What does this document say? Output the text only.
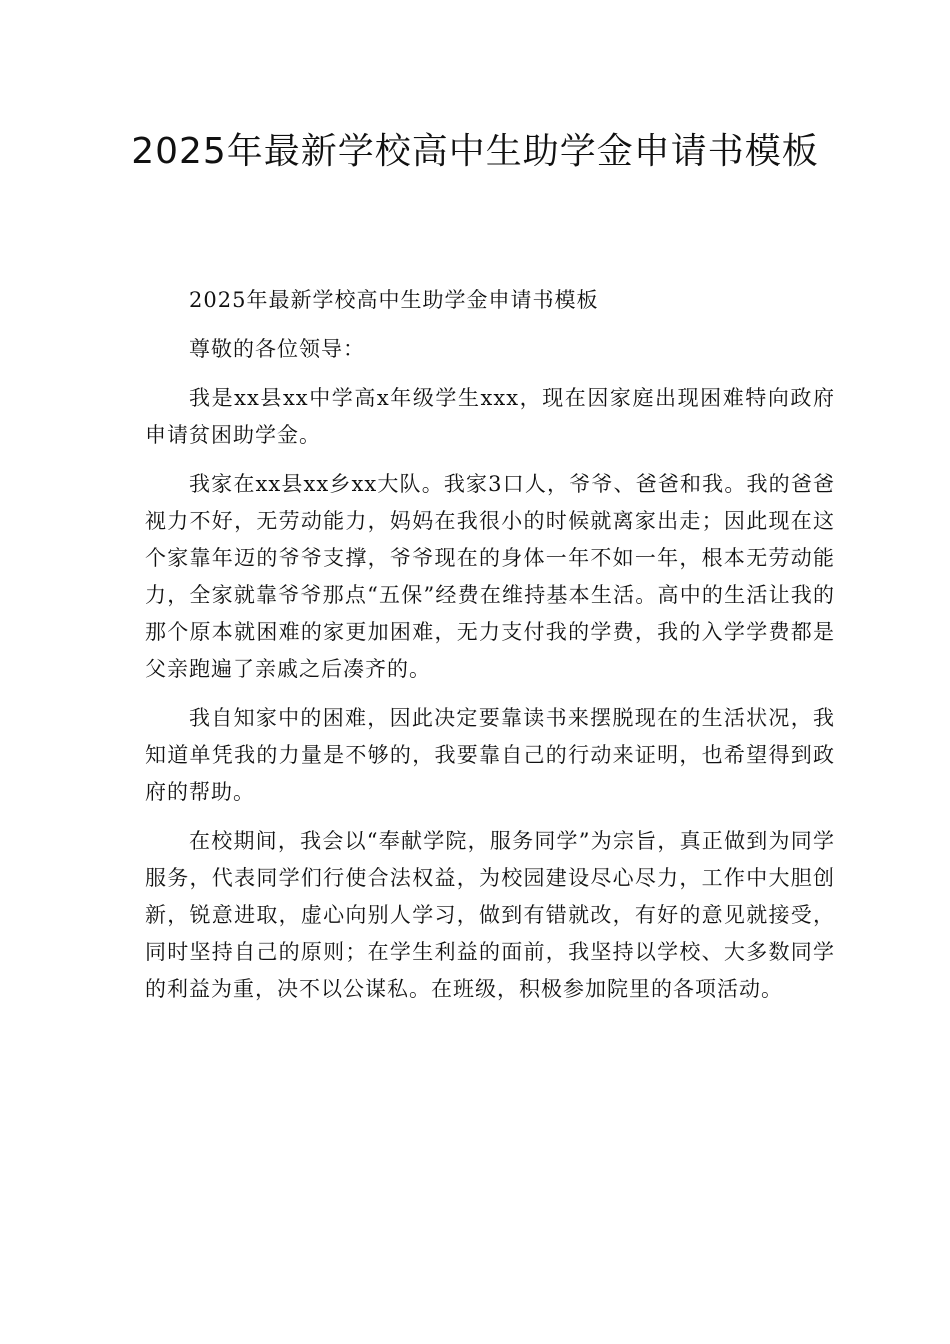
2025年最新学校高中生助学金申请书模板

2025年最新学校高中生助学金申请书模板

尊敬的各位领导：

我是xx县xx中学高x年级学生xxx，现在因家庭出现困难特向政府申请贫困助学金。

我家在xx县xx乡xx大队。我家3口人，爷爷、爸爸和我。我的爸爸视力不好，无劳动能力，妈妈在我很小的时候就离家出走；因此现在这个家靠年迈的爷爷支撑，爷爷现在的身体一年不如一年，根本无劳动能力，全家就靠爷爷那点“五保”经费在维持基本生活。高中的生活让我的那个原本就困难的家更加困难，无力支付我的学费，我的入学学费都是父亲跑遍了亲戚之后凑齐的。

我自知家中的困难，因此决定要靠读书来摆脱现在的生活状况，我知道单凭我的力量是不够的，我要靠自己的行动来证明，也希望得到政府的帮助。

在校期间，我会以“奉献学院，服务同学”为宗旨，真正做到为同学服务，代表同学们行使合法权益，为校园建设尽心尽力，工作中大胆创新，锐意进取，虚心向别人学习，做到有错就改，有好的意见就接受，同时坚持自己的原则；在学生利益的面前，我坚持以学校、大多数同学的利益为重，决不以公谋私。在班级，积极参加院里的各项活动。
